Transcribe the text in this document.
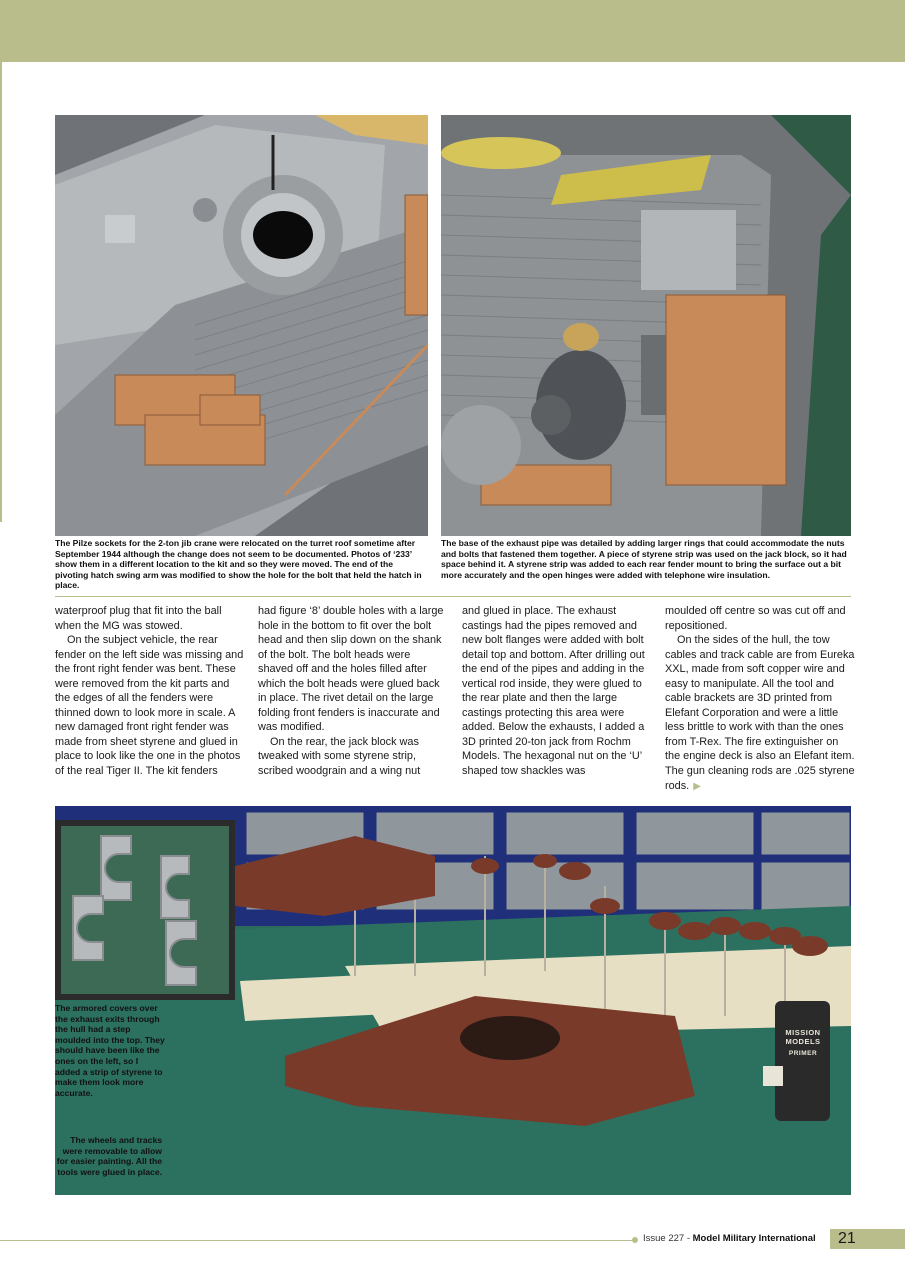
The Pilze sockets for the 2-ton jib crane were relocated on the turret roof sometime after September 1944 although the change does not seem to be documented. Photos of ‘233’ show them in a different location to the kit and so they were moved. The end of the pivoting hatch swing arm was modified to show the hole for the bolt that held the hatch in place.

The base of the exhaust pipe was detailed by adding larger rings that could accommodate the nuts and bolts that fastened them together. A piece of styrene strip was used on the jack block, so it had space behind it. A styrene strip was added to each rear fender mount to bring the surface out a bit more accurately and the open hinges were added with telephone wire insulation.

waterproof plug that fit into the ball when the MG was stowed.

On the subject vehicle, the rear fender on the left side was missing and the front right fender was bent. These were removed from the kit parts and the edges of all the fenders were thinned down to look more in scale. A new damaged front right fender was made from sheet styrene and glued in place to look like the one in the photos of the real Tiger II. The kit fenders

had figure ‘8’ double holes with a large hole in the bottom to fit over the bolt head and then slip down on the shank of the bolt. The bolt heads were shaved off and the holes filled after which the bolt heads were glued back in place. The rivet detail on the large folding front fenders is inaccurate and was modified.

On the rear, the jack block was tweaked with some styrene strip, scribed woodgrain and a wing nut

and glued in place. The exhaust castings had the pipes removed and new bolt flanges were added with bolt detail top and bottom. After drilling out the end of the pipes and adding in the vertical rod inside, they were glued to the rear plate and then the large castings protecting this area were added. Below the exhausts, I added a 3D printed 20-ton jack from Rochm Models. The hexagonal nut on the ‘U’ shaped tow shackles was

moulded off centre so was cut off and repositioned.

On the sides of the hull, the tow cables and track cable are from Eureka XXL, made from soft copper wire and easy to manipulate. All the tool and cable brackets are 3D printed from Elefant Corporation and were a little less brittle to work with than the ones from T-Rex. The fire extinguisher on the engine deck is also an Elefant item. The gun cleaning rods are .025 styrene rods. ▶

MISSION
MODELS
PRIMER

The armored covers over the exhaust exits through the hull had a step moulded into the top. They should have been like the ones on the left, so I added a strip of styrene to make them look more accurate.

The wheels and tracks were removable to allow for easier painting. All the tools were glued in place.

Issue 227 - Model Military International 21
